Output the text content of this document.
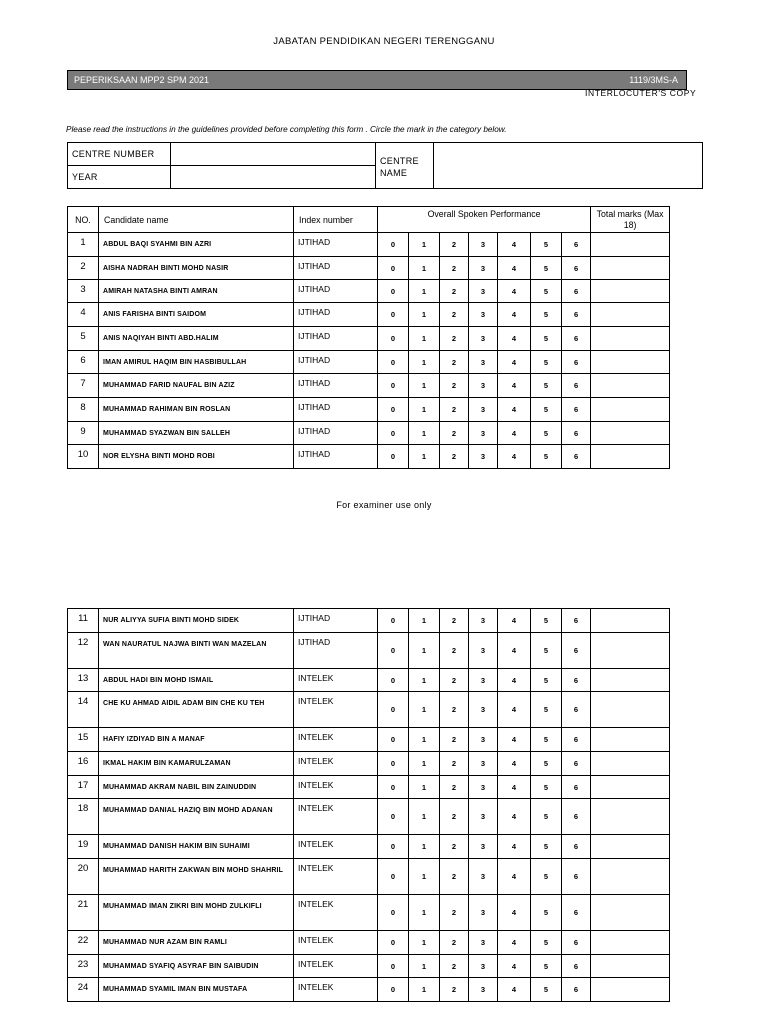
JABATAN PENDIDIKAN NEGERI TERENGGANU
PEPERIKSAAN MPP2 SPM 2021	1119/3MS-A
INTERLOCUTER'S COPY
Please read the instructions in the guidelines provided before completing this form . Circle the mark in the category below.
CENTRE NUMBER		CENTRE NAME	
YEAR			
NO.	Candidate name	Index number	Overall Spoken Performance							Total marks (Max 18)
1	ABDUL BAQI SYAHMI BIN AZRI	IJTIHAD	0	1	2	3	4	5	6	
2	AISHA NADRAH BINTI MOHD NASIR	IJTIHAD	0	1	2	3	4	5	6	
3	AMIRAH NATASHA BINTI AMRAN	IJTIHAD	0	1	2	3	4	5	6	
4	ANIS FARISHA BINTI SAIDOM	IJTIHAD	0	1	2	3	4	5	6	
5	ANIS NAQIYAH BINTI ABD.HALIM	IJTIHAD	0	1	2	3	4	5	6	
6	IMAN AMIRUL HAQIM BIN HASBIBULLAH	IJTIHAD	0	1	2	3	4	5	6	
7	MUHAMMAD FARID NAUFAL BIN AZIZ	IJTIHAD	0	1	2	3	4	5	6	
8	MUHAMMAD RAHIMAN BIN ROSLAN	IJTIHAD	0	1	2	3	4	5	6	
9	MUHAMMAD SYAZWAN BIN SALLEH	IJTIHAD	0	1	2	3	4	5	6	
10	NOR ELYSHA BINTI MOHD ROBI	IJTIHAD	0	1	2	3	4	5	6	
For examiner use only
11	NUR ALIYYA SUFIA BINTI MOHD SIDEK	IJTIHAD	0	1	2	3	4	5	6	
12	WAN NAURATUL NAJWA BINTI WAN MAZELAN	IJTIHAD	0	1	2	3	4	5	6	
13	ABDUL HADI BIN MOHD ISMAIL	INTELEK	0	1	2	3	4	5	6	
14	CHE KU AHMAD AIDIL ADAM BIN CHE KU TEH	INTELEK	0	1	2	3	4	5	6	
15	HAFIY IZDIYAD BIN A MANAF	INTELEK	0	1	2	3	4	5	6	
16	IKMAL HAKIM BIN KAMARULZAMAN	INTELEK	0	1	2	3	4	5	6	
17	MUHAMMAD AKRAM NABIL BIN ZAINUDDIN	INTELEK	0	1	2	3	4	5	6	
18	MUHAMMAD DANIAL HAZIQ BIN MOHD ADANAN	INTELEK	0	1	2	3	4	5	6	
19	MUHAMMAD DANISH HAKIM BIN SUHAIMI	INTELEK	0	1	2	3	4	5	6	
20	MUHAMMAD HARITH ZAKWAN BIN MOHD SHAHRIL	INTELEK	0	1	2	3	4	5	6	
21	MUHAMMAD IMAN ZIKRI BIN MOHD ZULKIFLI	INTELEK	0	1	2	3	4	5	6	
22	MUHAMMAD NUR AZAM BIN RAMLI	INTELEK	0	1	2	3	4	5	6	
23	MUHAMMAD SYAFIQ ASYRAF BIN SAIBUDIN	INTELEK	0	1	2	3	4	5	6	
24	MUHAMMAD SYAMIL IMAN BIN MUSTAFA	INTELEK	0	1	2	3	4	5	6	
